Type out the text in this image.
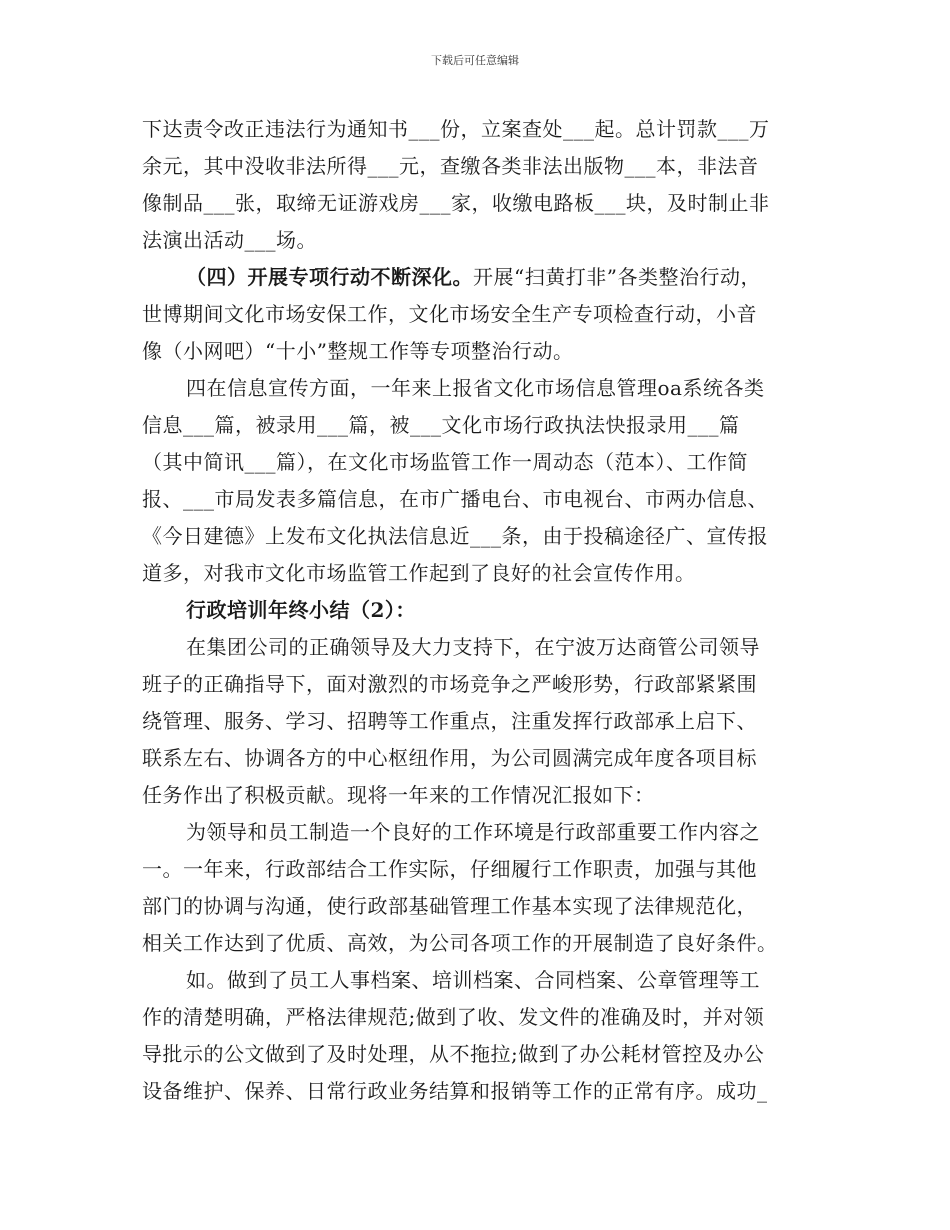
下载后可任意编辑
下达责令改正违法行为通知书___份，立案查处___起。总计罚款___万
余元，其中没收非法所得___元，查缴各类非法出版物___本，非法音
像制品___张，取缔无证游戏房___家，收缴电路板___块，及时制止非
法演出活动___场。
（四）开展专项行动不断深化。开展“扫黄打非”各类整治行动，
世博期间文化市场安保工作，文化市场安全生产专项检查行动，小音
像（小网吧）“十小”整规工作等专项整治行动。
四在信息宣传方面，一年来上报省文化市场信息管理oa系统各类
信息___篇，被录用___篇，被___文化市场行政执法快报录用___篇
（其中简讯___篇），在文化市场监管工作一周动态（范本）、工作简
报、___市局发表多篇信息，在市广播电台、市电视台、市两办信息、
《今日建德》上发布文化执法信息近___条，由于投稿途径广、宣传报
道多，对我市文化市场监管工作起到了良好的社会宣传作用。
行政培训年终小结（2）：
在集团公司的正确领导及大力支持下，在宁波万达商管公司领导
班子的正确指导下，面对激烈的市场竞争之严峻形势，行政部紧紧围
绕管理、服务、学习、招聘等工作重点，注重发挥行政部承上启下、
联系左右、协调各方的中心枢纽作用，为公司圆满完成年度各项目标
任务作出了积极贡献。现将一年来的工作情况汇报如下：
为领导和员工制造一个良好的工作环境是行政部重要工作内容之
一。一年来，行政部结合工作实际，仔细履行工作职责，加强与其他
部门的协调与沟通，使行政部基础管理工作基本实现了法律规范化，
相关工作达到了优质、高效，为公司各项工作的开展制造了良好条件。
如。做到了员工人事档案、培训档案、合同档案、公章管理等工
作的清楚明确，严格法律规范;做到了收、发文件的准确及时，并对领
导批示的公文做到了及时处理，从不拖拉;做到了办公耗材管控及办公
设备维护、保养、日常行政业务结算和报销等工作的正常有序。成功_
